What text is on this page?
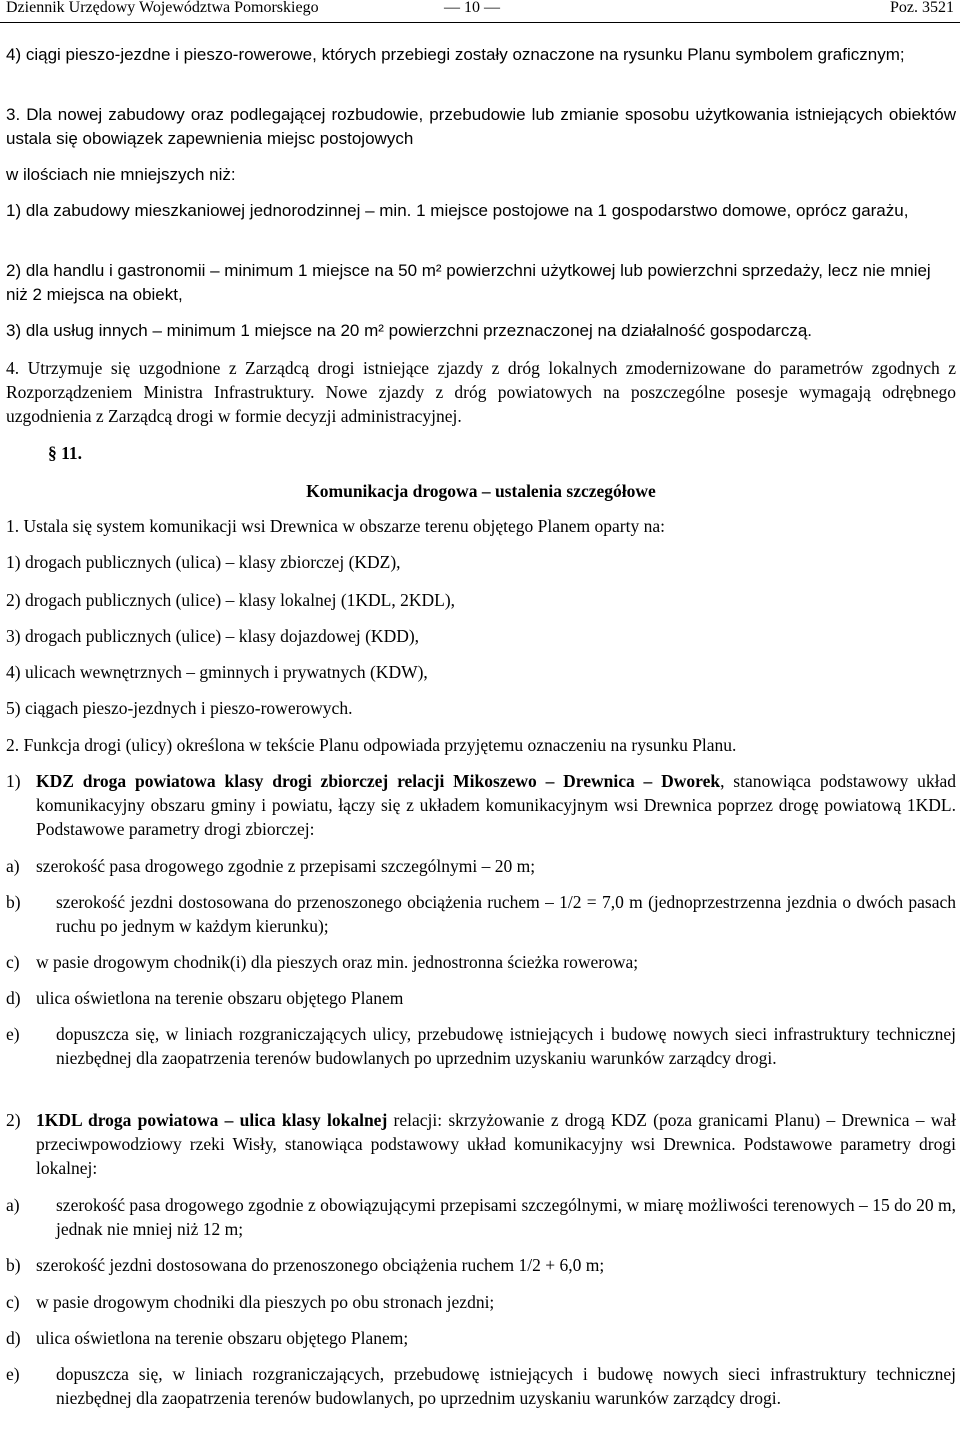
Dziennik Urzędowy Województwa Pomorskiego	— 10 —	Poz. 3521
4) ciągi pieszo-jezdne i pieszo-rowerowe, których przebiegi zostały oznaczone na rysunku Planu symbolem graficznym;
3. Dla nowej zabudowy oraz podlegającej rozbudowie, przebudowie lub zmianie sposobu użytkowania istniejących obiektów ustala się obowiązek zapewnienia miejsc postojowych
w ilościach nie mniejszych niż:
1) dla zabudowy mieszkaniowej jednorodzinnej – min. 1 miejsce postojowe na 1 gospodarstwo domowe, oprócz garażu,
2) dla handlu i gastronomii – minimum 1 miejsce na 50 m² powierzchni użytkowej lub powierzchni sprzedaży, lecz nie mniej niż 2 miejsca na obiekt,
3) dla usług innych – minimum 1 miejsce na 20 m² powierzchni przeznaczonej na działalność gospodarczą.
4. Utrzymuje się uzgodnione z Zarządcą drogi istniejące zjazdy z dróg lokalnych zmodernizowane do parametrów zgodnych z Rozporządzeniem Ministra Infrastruktury. Nowe zjazdy z dróg powiatowych na poszczególne posesje wymagają odrębnego uzgodnienia z Zarządcą drogi w formie decyzji administracyjnej.
§ 11.
Komunikacja drogowa – ustalenia szczegółowe
1. Ustala się system komunikacji wsi Drewnica w obszarze terenu objętego Planem oparty na:
1) drogach publicznych (ulica) – klasy zbiorczej (KDZ),
2) drogach publicznych (ulice) – klasy lokalnej (1KDL, 2KDL),
3) drogach publicznych (ulice) – klasy dojazdowej (KDD),
4) ulicach wewnętrznych – gminnych i prywatnych (KDW),
5) ciągach pieszo-jezdnych i pieszo-rowerowych.
2. Funkcja drogi (ulicy) określona w tekście Planu odpowiada przyjętemu oznaczeniu na rysunku Planu.
1) KDZ droga powiatowa klasy drogi zbiorczej relacji Mikoszewo – Drewnica – Dworek, stanowiąca podstawowy układ komunikacyjny obszaru gminy i powiatu, łączy się z układem komunikacyjnym wsi Drewnica poprzez drogę powiatową 1KDL. Podstawowe parametry drogi zbiorczej:
a) szerokość pasa drogowego zgodnie z przepisami szczególnymi – 20 m;
b)	szerokość jezdni dostosowana do przenoszonego obciążenia ruchem – 1/2 = 7,0 m (jednoprzestrzenna jezdnia o dwóch pasach ruchu po jednym w każdym kierunku);
c) w pasie drogowym chodnik(i) dla pieszych oraz min. jednostronna ścieżka rowerowa;
d) ulica oświetlona na terenie obszaru objętego Planem
e)	dopuszcza się, w liniach rozgraniczających ulicy, przebudowę istniejących i budowę nowych sieci infrastruktury technicznej niezbędnej dla zaopatrzenia terenów budowlanych po uprzednim uzyskaniu warunków zarządcy drogi.
2) 1KDL droga powiatowa – ulica klasy lokalnej relacji: skrzyżowanie z drogą KDZ (poza granicami Planu) – Drewnica – wał przeciwpowodziowy rzeki Wisły, stanowiąca podstawowy układ komunikacyjny wsi Drewnica. Podstawowe parametry drogi lokalnej:
a)	szerokość pasa drogowego zgodnie z obowiązującymi przepisami szczególnymi, w miarę możliwości terenowych – 15 do 20 m, jednak nie mniej niż 12 m;
b) szerokość jezdni dostosowana do przenoszonego obciążenia ruchem 1/2 + 6,0 m;
c) w pasie drogowym chodniki dla pieszych po obu stronach jezdni;
d) ulica oświetlona na terenie obszaru objętego Planem;
e)	dopuszcza się, w liniach rozgraniczających, przebudowę istniejących i budowę nowych sieci infrastruktury technicznej niezbędnej dla zaopatrzenia terenów budowlanych, po uprzednim uzyskaniu warunków zarządcy drogi.
